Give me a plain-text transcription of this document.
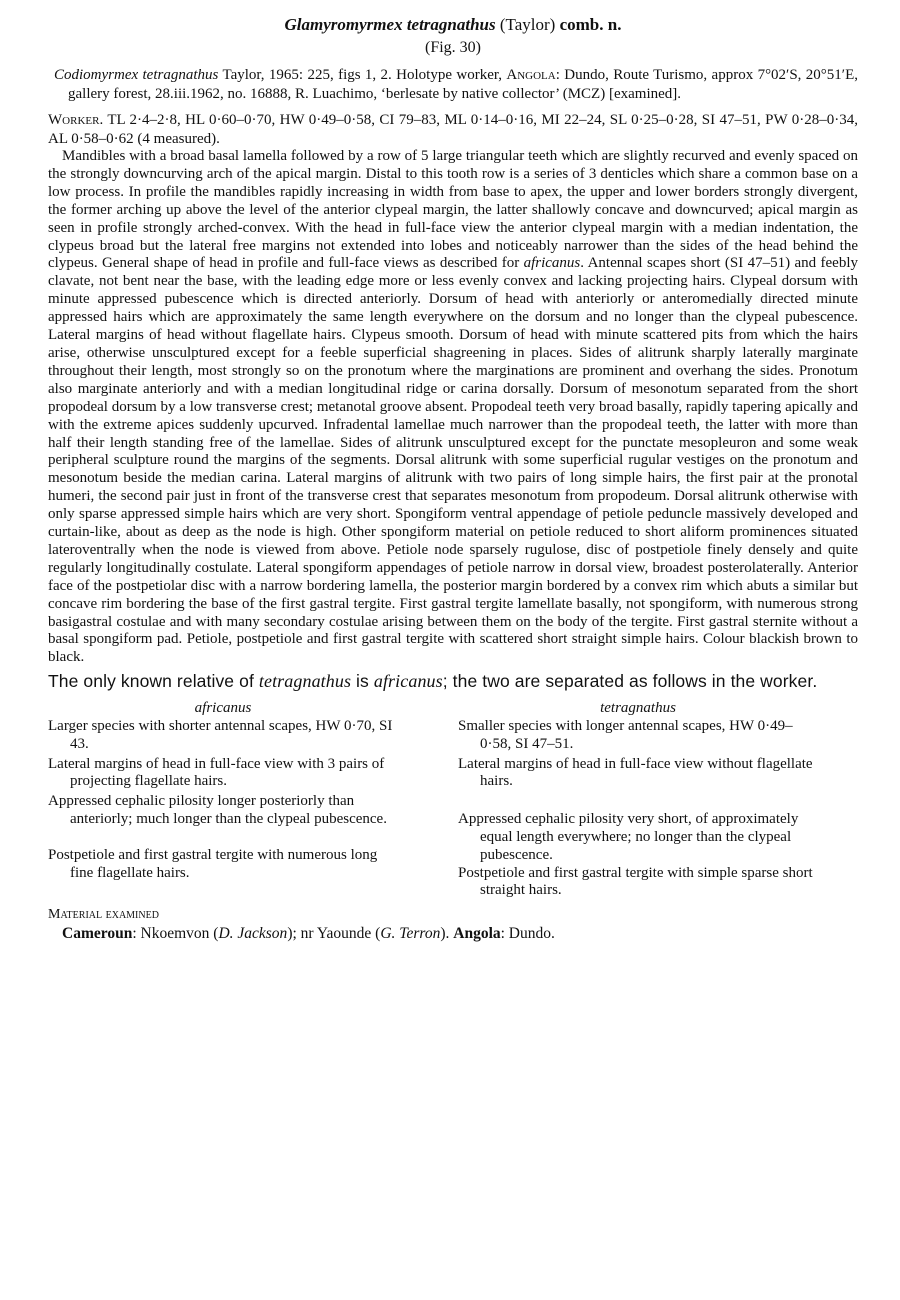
Glamyromyrmex tetragnathus (Taylor) comb. n.
(Fig. 30)
Codiomyrmex tetragnathus Taylor, 1965: 225, figs 1, 2. Holotype worker, Angola: Dundo, Route Turismo, approx 7°02′S, 20°51′E, gallery forest, 28.iii.1962, no. 16888, R. Luachimo, ‘berlesate by native collector’ (MCZ) [examined].
Worker. TL 2·4–2·8, HL 0·60–0·70, HW 0·49–0·58, CI 79–83, ML 0·14–0·16, MI 22–24, SL 0·25–0·28, SI 47–51, PW 0·28–0·34, AL 0·58–0·62 (4 measured).
Mandibles with a broad basal lamella followed by a row of 5 large triangular teeth which are slightly recurved and evenly spaced on the strongly downcurving arch of the apical margin. Distal to this tooth row is a series of 3 denticles which share a common base on a low process. In profile the mandibles rapidly increasing in width from base to apex, the upper and lower borders strongly divergent, the former arching up above the level of the anterior clypeal margin, the latter shallowly concave and downcurved; apical margin as seen in profile strongly arched-convex. With the head in full-face view the anterior clypeal margin with a median indentation, the clypeus broad but the lateral free margins not extended into lobes and noticeably narrower than the sides of the head behind the clypeus. General shape of head in profile and full-face views as described for africanus. Antennal scapes short (SI 47–51) and feebly clavate, not bent near the base, with the leading edge more or less evenly convex and lacking projecting hairs. Clypeal dorsum with minute appressed pubescence which is directed anteriorly. Dorsum of head with anteriorly or anteromedially directed minute appressed hairs which are approximately the same length everywhere on the dorsum and no longer than the clypeal pubescence. Lateral margins of head without flagellate hairs. Clypeus smooth. Dorsum of head with minute scattered pits from which the hairs arise, otherwise unsculptured except for a feeble superficial shagreening in places. Sides of alitrunk sharply laterally marginate throughout their length, most strongly so on the pronotum where the marginations are prominent and overhang the sides. Pronotum also marginate anteriorly and with a median longitudinal ridge or carina dorsally. Dorsum of mesonotum separated from the short propodeal dorsum by a low transverse crest; metanotal groove absent. Propodeal teeth very broad basally, rapidly tapering apically and with the extreme apices suddenly upcurved. Infradental lamellae much narrower than the propodeal teeth, the latter with more than half their length standing free of the lamellae. Sides of alitrunk unsculptured except for the punctate mesopleuron and some weak peripheral sculpture round the margins of the segments. Dorsal alitrunk with some superficial rugular vestiges on the pronotum and mesonotum beside the median carina. Lateral margins of alitrunk with two pairs of long simple hairs, the first pair at the pronotal humeri, the second pair just in front of the transverse crest that separates mesonotum from propodeum. Dorsal alitrunk otherwise with only sparse appressed simple hairs which are very short. Spongiform ventral appendage of petiole peduncle massively developed and curtain-like, about as deep as the node is high. Other spongiform material on petiole reduced to short aliform prominences situated lateroventrally when the node is viewed from above. Petiole node sparsely rugulose, disc of postpetiole finely densely and quite regularly longitudinally costulate. Lateral spongiform appendages of petiole narrow in dorsal view, broadest posterolaterally. Anterior face of the postpetiolar disc with a narrow bordering lamella, the posterior margin bordered by a convex rim which abuts a similar but concave rim bordering the base of the first gastral tergite. First gastral tergite lamellate basally, not spongiform, with numerous strong basigastral costulae and with many secondary costulae arising between them on the body of the tergite. First gastral sternite without a basal spongiform pad. Petiole, postpetiole and first gastral tergite with scattered short straight simple hairs. Colour blackish brown to black.
The only known relative of tetragnathus is africanus; the two are separated as follows in the worker.
africanus
Larger species with shorter antennal scapes, HW 0·70, SI 43.
Lateral margins of head in full-face view with 3 pairs of projecting flagellate hairs.
Appressed cephalic pilosity longer posteriorly than anteriorly; much longer than the clypeal pubescence.
Postpetiole and first gastral tergite with numerous long fine flagellate hairs.
tetragnathus
Smaller species with longer antennal scapes, HW 0·49–0·58, SI 47–51.
Lateral margins of head in full-face view without flagellate hairs.
Appressed cephalic pilosity very short, of approximately equal length everywhere; no longer than the clypeal pubescence.
Postpetiole and first gastral tergite with simple sparse short straight hairs.
Material examined
Cameroun: Nkoemvon (D. Jackson); nr Yaounde (G. Terron). Angola: Dundo.
